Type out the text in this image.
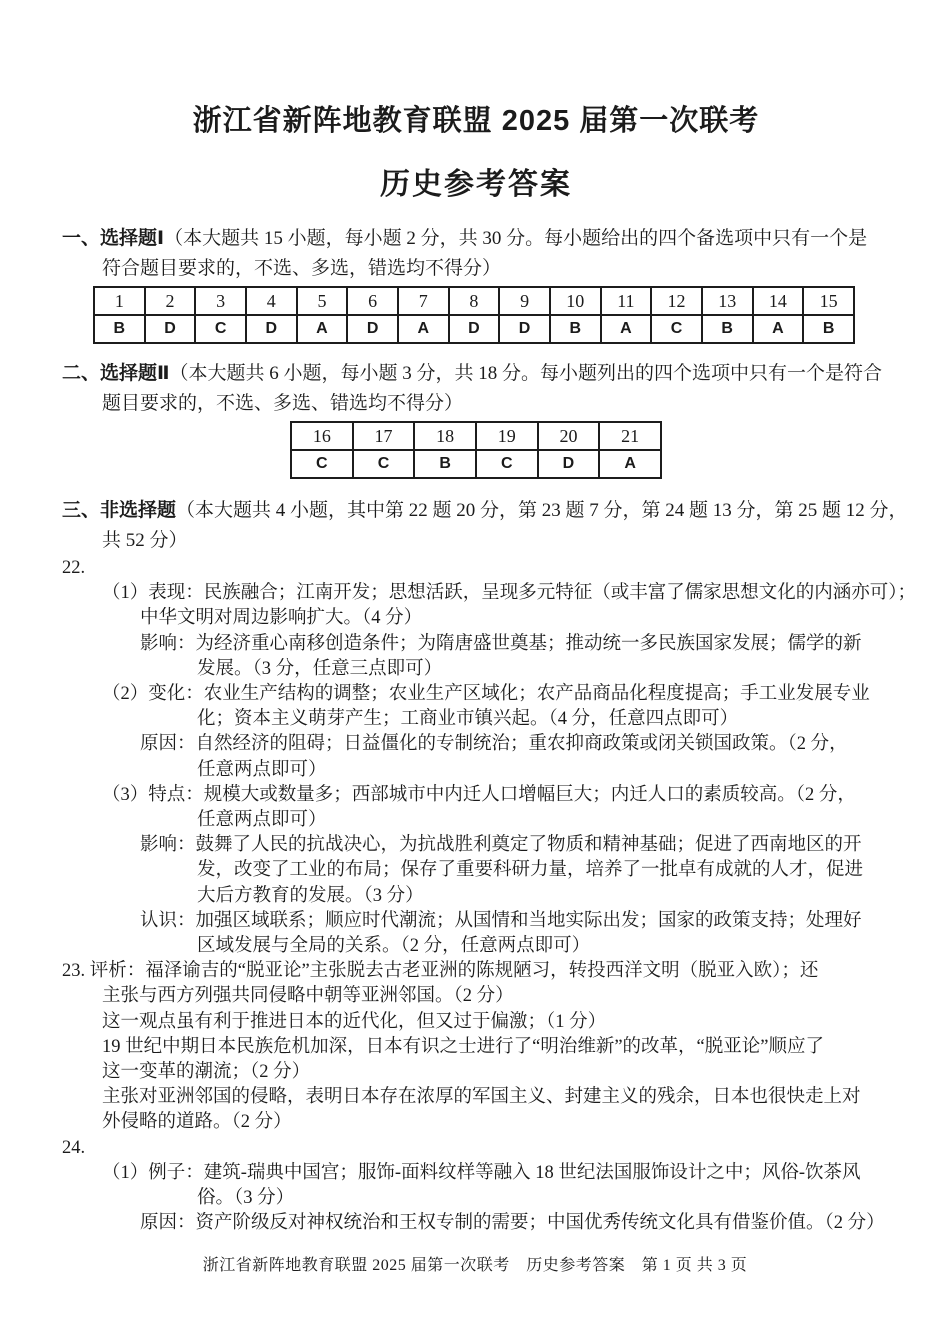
浙江省新阵地教育联盟 2025 届第一次联考
历史参考答案
一、选择题Ⅰ（本大题共 15 小题，每小题 2 分，共 30 分。每小题给出的四个备选项中只有一个是
符合题目要求的，不选、多选，错选均不得分）
1	2	3	4	5	6	7	8	9	10	11	12	13	14	15
B	D	C	D	A	D	A	D	D	B	A	C	B	A	B
二、选择题Ⅱ（本大题共 6 小题，每小题 3 分，共 18 分。每小题列出的四个选项中只有一个是符合
题目要求的，不选、多选、错选均不得分）
16	17	18	19	20	21
C	C	B	C	D	A
三、非选择题（本大题共 4 小题，其中第 22 题 20 分，第 23 题 7 分，第 24 题 13 分，第 25 题 12 分，
共 52 分）
22.
（1）表现：民族融合；江南开发；思想活跃，呈现多元特征（或丰富了儒家思想文化的内涵亦可）；
中华文明对周边影响扩大。（4 分）
影响：为经济重心南移创造条件；为隋唐盛世奠基；推动统一多民族国家发展；儒学的新
发展。（3 分，任意三点即可）
（2）变化：农业生产结构的调整；农业生产区域化；农产品商品化程度提高；手工业发展专业
化；资本主义萌芽产生；工商业市镇兴起。（4 分，任意四点即可）
原因：自然经济的阻碍；日益僵化的专制统治；重农抑商政策或闭关锁国政策。（2 分，
任意两点即可）
（3）特点：规模大或数量多；西部城市中内迁人口增幅巨大；内迁人口的素质较高。（2 分，
任意两点即可）
影响：鼓舞了人民的抗战决心，为抗战胜利奠定了物质和精神基础；促进了西南地区的开
发，改变了工业的布局；保存了重要科研力量，培养了一批卓有成就的人才，促进
大后方教育的发展。（3 分）
认识：加强区域联系；顺应时代潮流；从国情和当地实际出发；国家的政策支持；处理好
区域发展与全局的关系。（2 分，任意两点即可）
23. 评析：福泽谕吉的“脱亚论”主张脱去古老亚洲的陈规陋习，转投西洋文明（脱亚入欧）；还
主张与西方列强共同侵略中朝等亚洲邻国。（2 分）
这一观点虽有利于推进日本的近代化，但又过于偏激；（1 分）
19 世纪中期日本民族危机加深，日本有识之士进行了“明治维新”的改革，“脱亚论”顺应了
这一变革的潮流；（2 分）
主张对亚洲邻国的侵略，表明日本存在浓厚的军国主义、封建主义的残余，日本也很快走上对
外侵略的道路。（2 分）
24.
（1）例子：建筑-瑞典中国宫；服饰-面料纹样等融入 18 世纪法国服饰设计之中；风俗-饮茶风
俗。（3 分）
原因：资产阶级反对神权统治和王权专制的需要；中国优秀传统文化具有借鉴价值。（2 分）
浙江省新阵地教育联盟 2025 届第一次联考　历史参考答案　第 1 页 共 3 页
